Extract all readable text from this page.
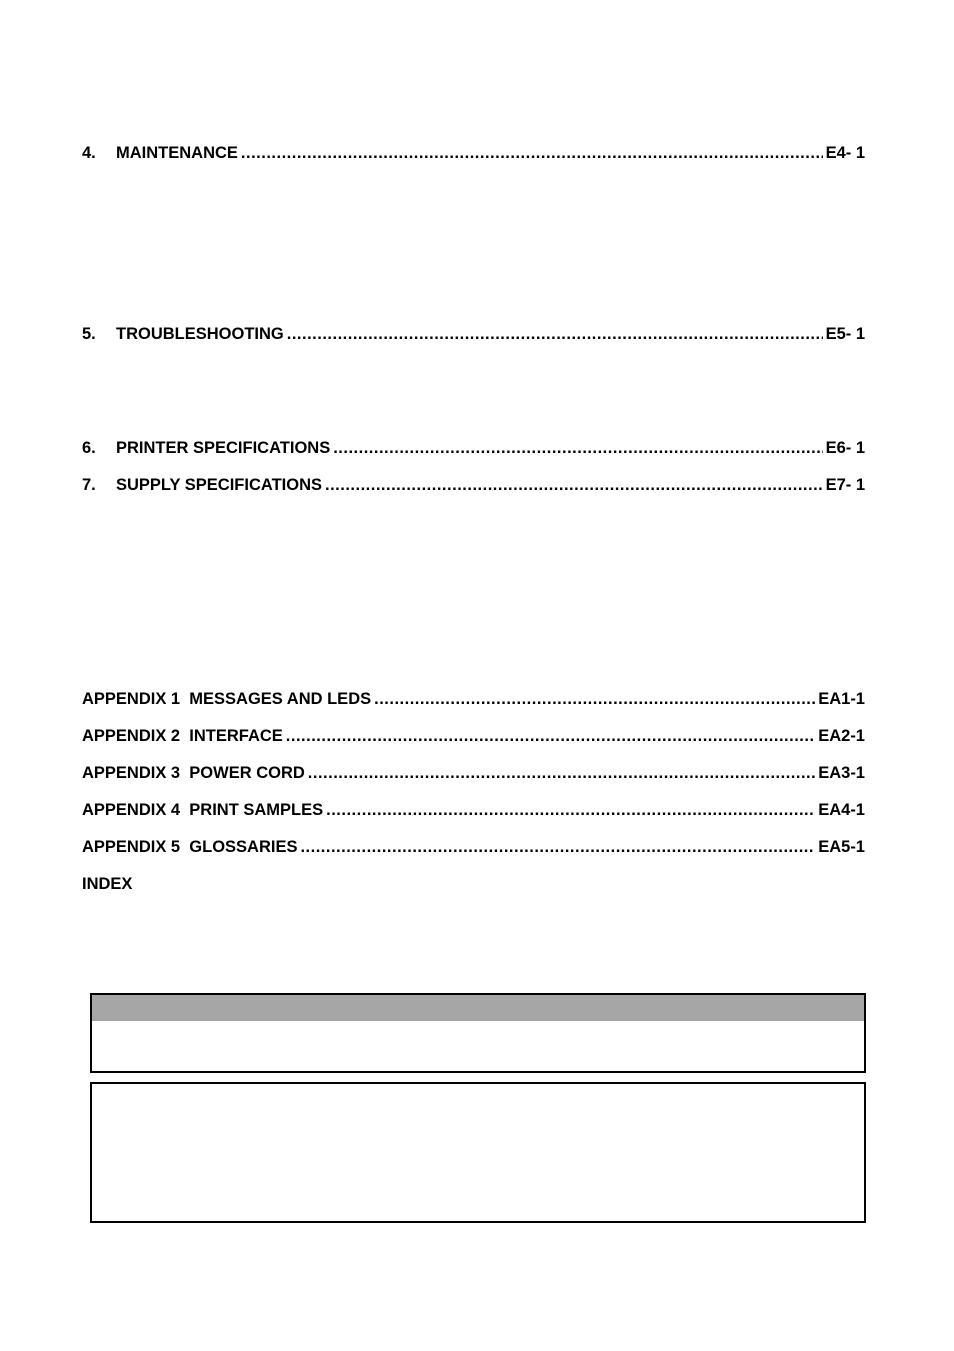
4.	MAINTENANCE .....	E4- 1
5.	TROUBLESHOOTING .....	E5- 1
6.	PRINTER SPECIFICATIONS .....	E6- 1
7.	SUPPLY SPECIFICATIONS .....	E7- 1
APPENDIX 1  MESSAGES AND LEDS .....	EA1-1
APPENDIX 2  INTERFACE .....	EA2-1
APPENDIX 3  POWER CORD .....	EA3-1
APPENDIX 4  PRINT SAMPLES .....	EA4-1
APPENDIX 5  GLOSSARIES .....	EA5-1
INDEX
